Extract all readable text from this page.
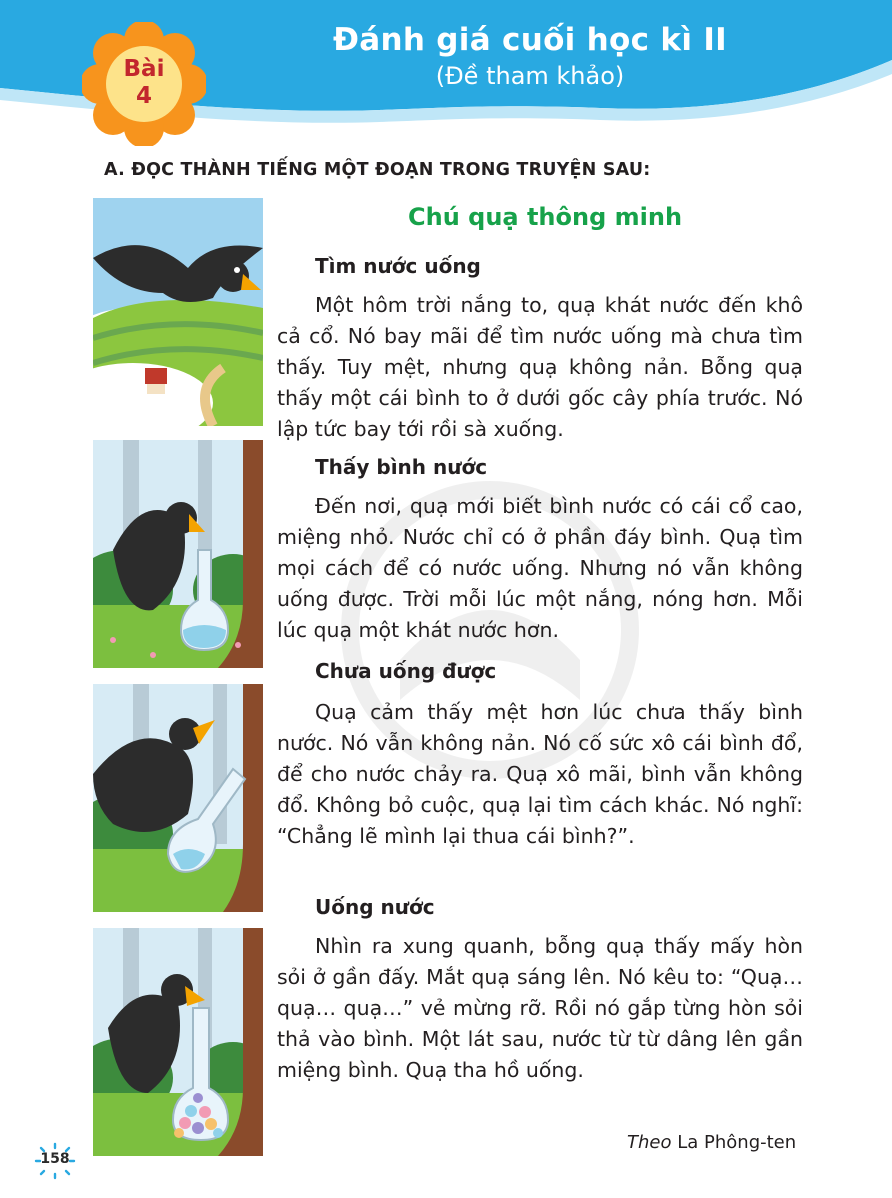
Đánh giá cuối học kì II
(Đề tham khảo)
Bài
4
A. ĐỌC THÀNH TIẾNG MỘT ĐOẠN TRONG TRUYỆN SAU:
Chú quạ thông minh
Tìm nước uống

Một hôm trời nắng to, quạ khát nước đến khô cả cổ. Nó bay mãi để tìm nước uống mà chưa tìm thấy. Tuy mệt, nhưng quạ không nản. Bỗng quạ thấy một cái bình to ở dưới gốc cây phía trước. Nó lập tức bay tới rồi sà xuống.

Thấy bình nước

Đến nơi, quạ mới biết bình nước có cái cổ cao, miệng nhỏ. Nước chỉ có ở phần đáy bình. Quạ tìm mọi cách để có nước uống. Nhưng nó vẫn không uống được. Trời mỗi lúc một nắng, nóng hơn. Mỗi lúc quạ một khát nước hơn.

Chưa uống được

Quạ cảm thấy mệt hơn lúc chưa thấy bình nước. Nó vẫn không nản. Nó cố sức xô cái bình đổ, để cho nước chảy ra. Quạ xô mãi, bình vẫn không đổ. Không bỏ cuộc, quạ lại tìm cách khác. Nó nghĩ: “Chẳng lẽ mình lại thua cái bình?”.

Uống nước

Nhìn ra xung quanh, bỗng quạ thấy mấy hòn sỏi ở gần đấy. Mắt quạ sáng lên. Nó kêu to: “Quạ… quạ… quạ…” vẻ mừng rỡ. Rồi nó gắp từng hòn sỏi thả vào bình. Một lát sau, nước từ từ dâng lên gần miệng bình. Quạ tha hồ uống.

Theo La Phông-ten
158
